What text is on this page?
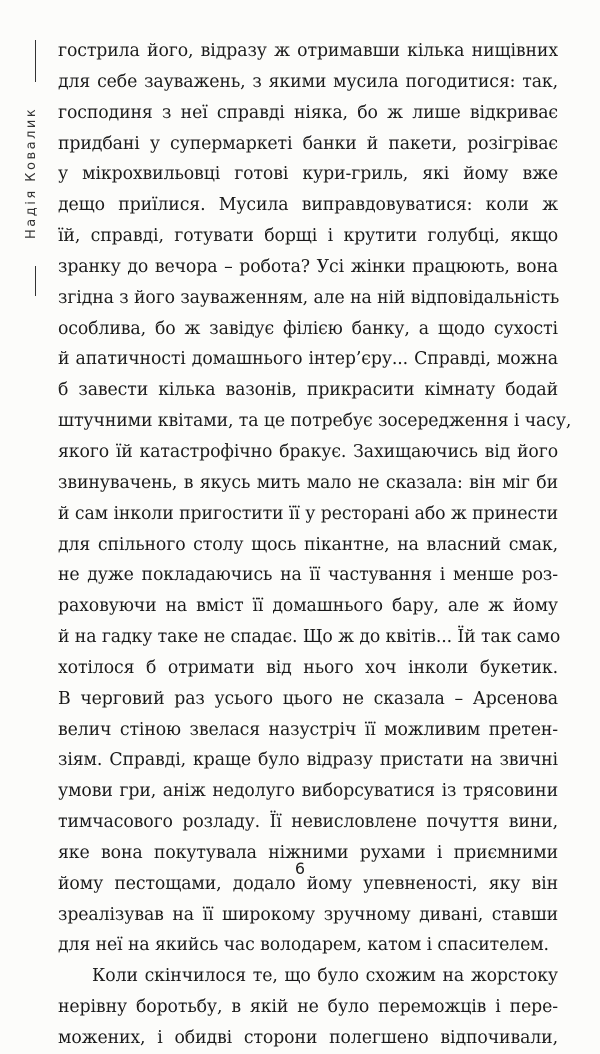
Надія Ковалик
гострила його, відразу ж отримавши кілька нищівних
для себе зауважень, з якими мусила погодитися: так,
господиня з неї справді ніяка, бо ж лише відкриває
придбані у супермаркеті банки й пакети, розігріває
у мікрохвильовці готові кури-гриль, які йому вже
дещо приїлися. Мусила виправдовуватися: коли ж
їй, справді, готувати борщі і крутити голубці, якщо
зранку до вечора – робота? Усі жінки працюють, вона
згідна з його зауваженням, але на ній відповідальність
особлива, бо ж завідує філією банку, а щодо сухості
й апатичності домашнього інтер’єру... Справді, можна
б завести кілька вазонів, прикрасити кімнату бодай
штучними квітами, та це потребує зосередження і часу,
якого їй катастрофічно бракує. Захищаючись від його
звинувачень, в якусь мить мало не сказала: він міг би
й сам інколи пригостити її у ресторані або ж принести
для спільного столу щось пікантне, на власний смак,
не дуже покладаючись на її частування і менше роз-
раховуючи на вміст її домашнього бару, але ж йому
й на гадку таке не спадає. Що ж до квітів... Їй так само
хотілося б отримати від нього хоч інколи букетик.
В черговий раз усього цього не сказала – Арсенова
велич стіною звелася назустріч її можливим претен-
зіям. Справді, краще було відразу пристати на звичні
умови гри, аніж недолуго виборсуватися із трясовини
тимчасового розладу. Її невисловлене почуття вини,
яке вона покутувала ніжними рухами і приємними
йому пестощами, додало йому упевненості, яку він
зреалізував на її широкому зручному дивані, ставши
для неї на якийсь час володарем, катом і спасителем.
Коли скінчилося те, що було схожим на жорстоку
нерівну боротьбу, в якій не було переможців і пере-
можених, і обидві сторони полегшено відпочивали,
6
